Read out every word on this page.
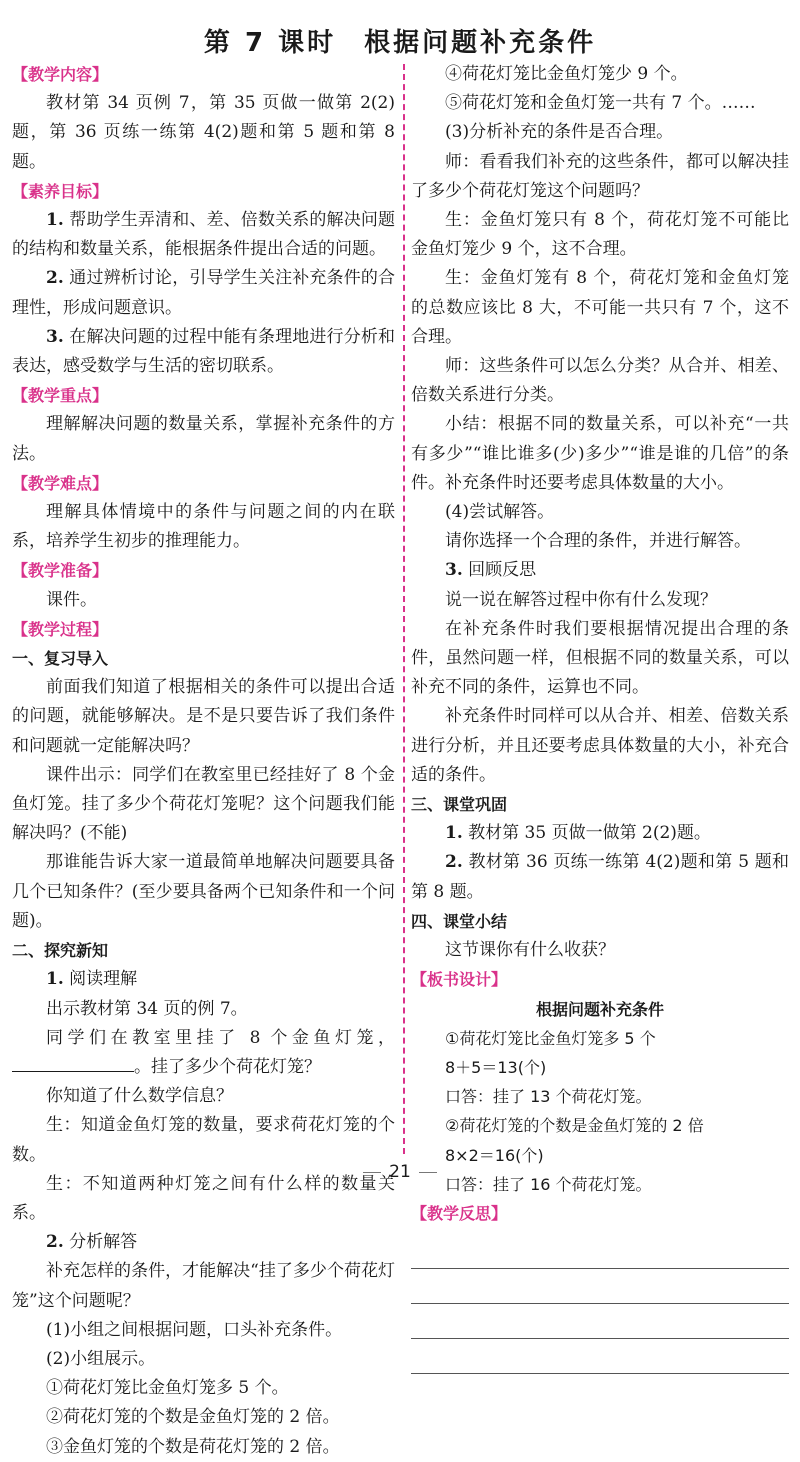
第 7 课时 根据问题补充条件
【教学内容】

教材第 34 页例 7，第 35 页做一做第 2(2)题，第 36 页练一练第 4(2)题和第 5 题和第 8 题。

【素养目标】

1. 帮助学生弄清和、差、倍数关系的解决问题的结构和数量关系，能根据条件提出合适的问题。

2. 通过辨析讨论，引导学生关注补充条件的合理性，形成问题意识。

3. 在解决问题的过程中能有条理地进行分析和表达，感受数学与生活的密切联系。

【教学重点】

理解解决问题的数量关系，掌握补充条件的方法。

【教学难点】

理解具体情境中的条件与问题之间的内在联系，培养学生初步的推理能力。

【教学准备】

课件。

【教学过程】

一、复习导入

前面我们知道了根据相关的条件可以提出合适的问题，就能够解决。是不是只要告诉了我们条件和问题就一定能解决吗？

课件出示：同学们在教室里已经挂好了 8 个金鱼灯笼。挂了多少个荷花灯笼呢？这个问题我们能解决吗？(不能)

那谁能告诉大家一道最简单地解决问题要具备几个已知条件？(至少要具备两个已知条件和一个问题)。

二、探究新知

1. 阅读理解

出示教材第 34 页的例 7。

同学们在教室里挂了 8 个金鱼灯笼，。挂了多少个荷花灯笼？

你知道了什么数学信息？

生：知道金鱼灯笼的数量，要求荷花灯笼的个数。

生：不知道两种灯笼之间有什么样的数量关系。

2. 分析解答

补充怎样的条件，才能解决“挂了多少个荷花灯笼”这个问题呢？

(1)小组之间根据问题，口头补充条件。

(2)小组展示。

①荷花灯笼比金鱼灯笼多 5 个。

②荷花灯笼的个数是金鱼灯笼的 2 倍。

③金鱼灯笼的个数是荷花灯笼的 2 倍。

④荷花灯笼比金鱼灯笼少 9 个。

⑤荷花灯笼和金鱼灯笼一共有 7 个。……

(3)分析补充的条件是否合理。

师：看看我们补充的这些条件，都可以解决挂了多少个荷花灯笼这个问题吗？

生：金鱼灯笼只有 8 个，荷花灯笼不可能比金鱼灯笼少 9 个，这不合理。

生：金鱼灯笼有 8 个，荷花灯笼和金鱼灯笼的总数应该比 8 大，不可能一共只有 7 个，这不合理。

师：这些条件可以怎么分类？从合并、相差、倍数关系进行分类。

小结：根据不同的数量关系，可以补充“一共有多少”“谁比谁多(少)多少”“谁是谁的几倍”的条件。补充条件时还要考虑具体数量的大小。

(4)尝试解答。

请你选择一个合理的条件，并进行解答。

3. 回顾反思

说一说在解答过程中你有什么发现？

在补充条件时我们要根据情况提出合理的条件，虽然问题一样，但根据不同的数量关系，可以补充不同的条件，运算也不同。

补充条件时同样可以从合并、相差、倍数关系进行分析，并且还要考虑具体数量的大小，补充合适的条件。

三、课堂巩固

1. 教材第 35 页做一做第 2(2)题。

2. 教材第 36 页练一练第 4(2)题和第 5 题和第 8 题。

四、课堂小结

这节课你有什么收获？

【板书设计】
根据问题补充条件

①荷花灯笼比金鱼灯笼多 5 个

8＋5＝13(个)

口答：挂了 13 个荷花灯笼。

②荷花灯笼的个数是金鱼灯笼的 2 倍

8×2＝16(个)

口答：挂了 16 个荷花灯笼。

【教学反思】
21
